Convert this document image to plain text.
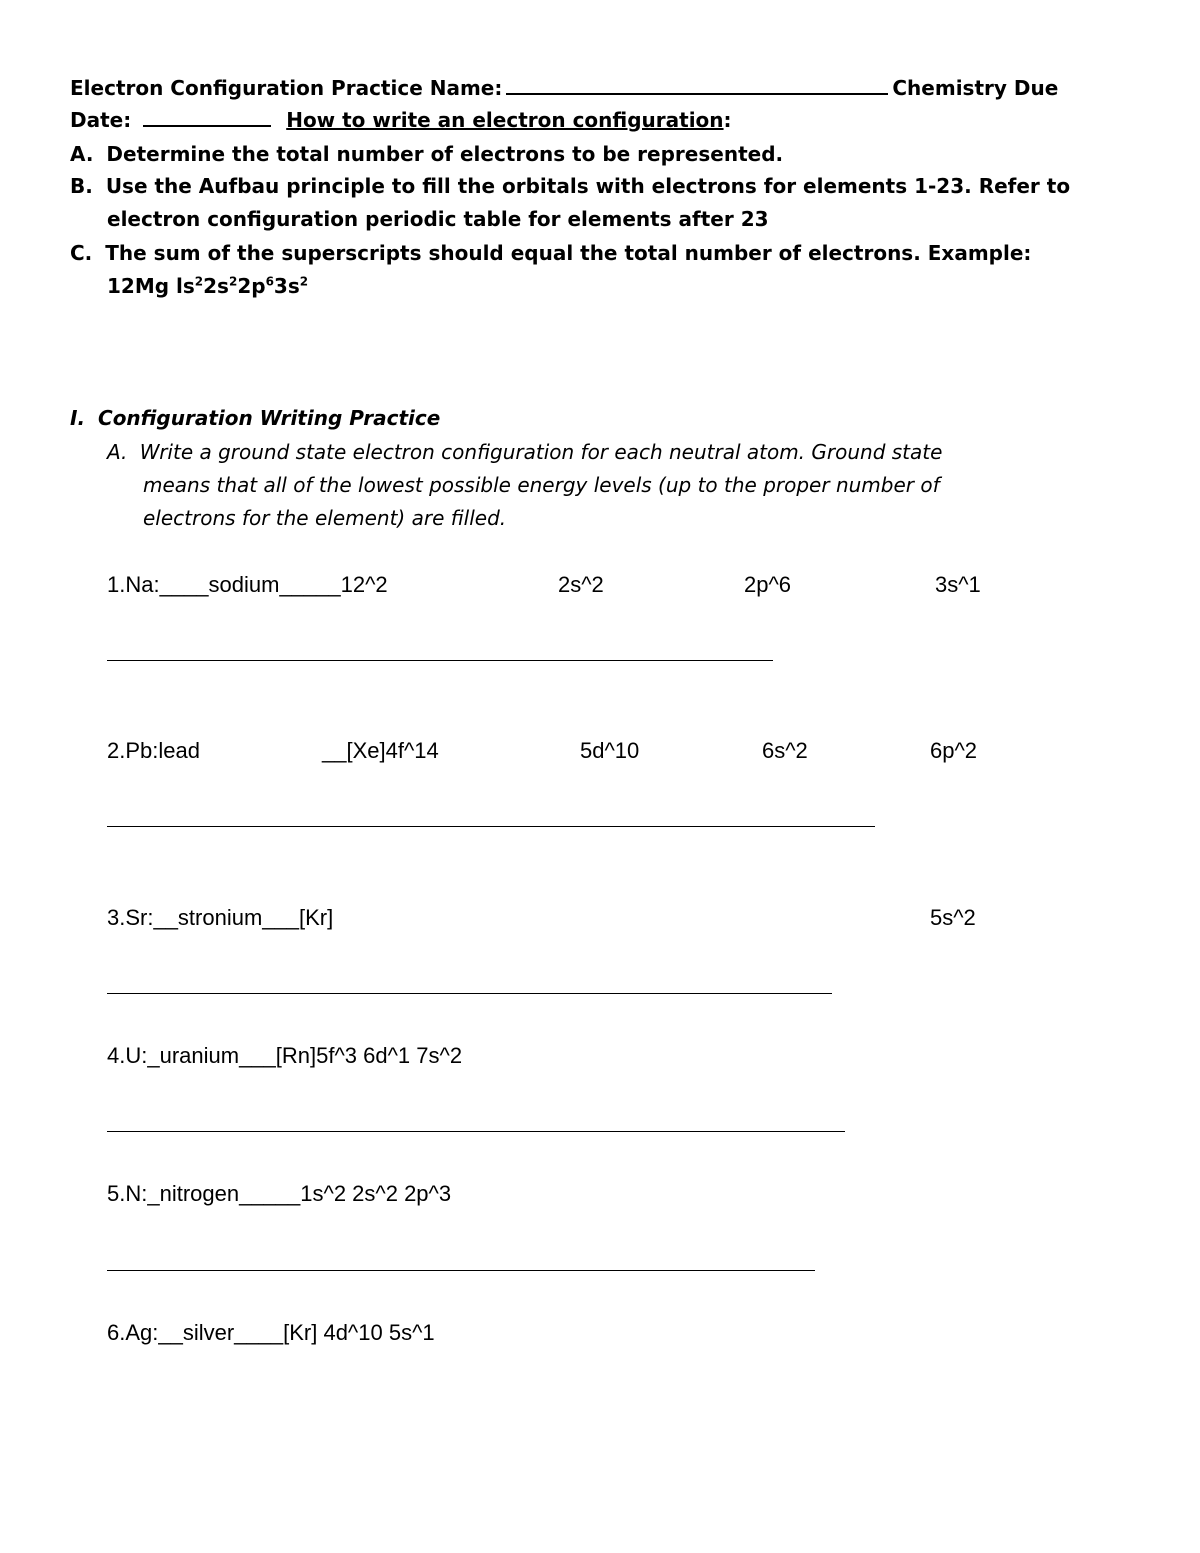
Electron Configuration Practice Name:	Chemistry Due
Date:	How to write an electron configuration:
A. Determine the total number of electrons to be represented.
B. Use the Aufbau principle to fill the orbitals with electrons for elements 1-23. Refer to
electron configuration periodic table for elements after 23
C. The sum of the superscripts should equal the total number of electrons. Example:
12Mg $ls^22s^22p^63s^2$
I. Configuration Writing Practice
A. Write a ground state electron configuration for each neutral atom. Ground state
means that all of the lowest possible energy levels (up to the proper number of
electrons for the element) are filled.
1.Na:____sodium_____12^2	2s^2	2p^6	3s^1
2.Pb:lead	__[Xe]4f^14	5d^10	6s^2	6p^2
3.Sr:__stronium___[Kr]	5s^2
4.U:_uranium___[Rn]5f^3 6d^1 7s^2
5.N:_nitrogen_____1s^2 2s^2 2p^3
6.Ag:__silver____[Kr] 4d^10 5s^1
